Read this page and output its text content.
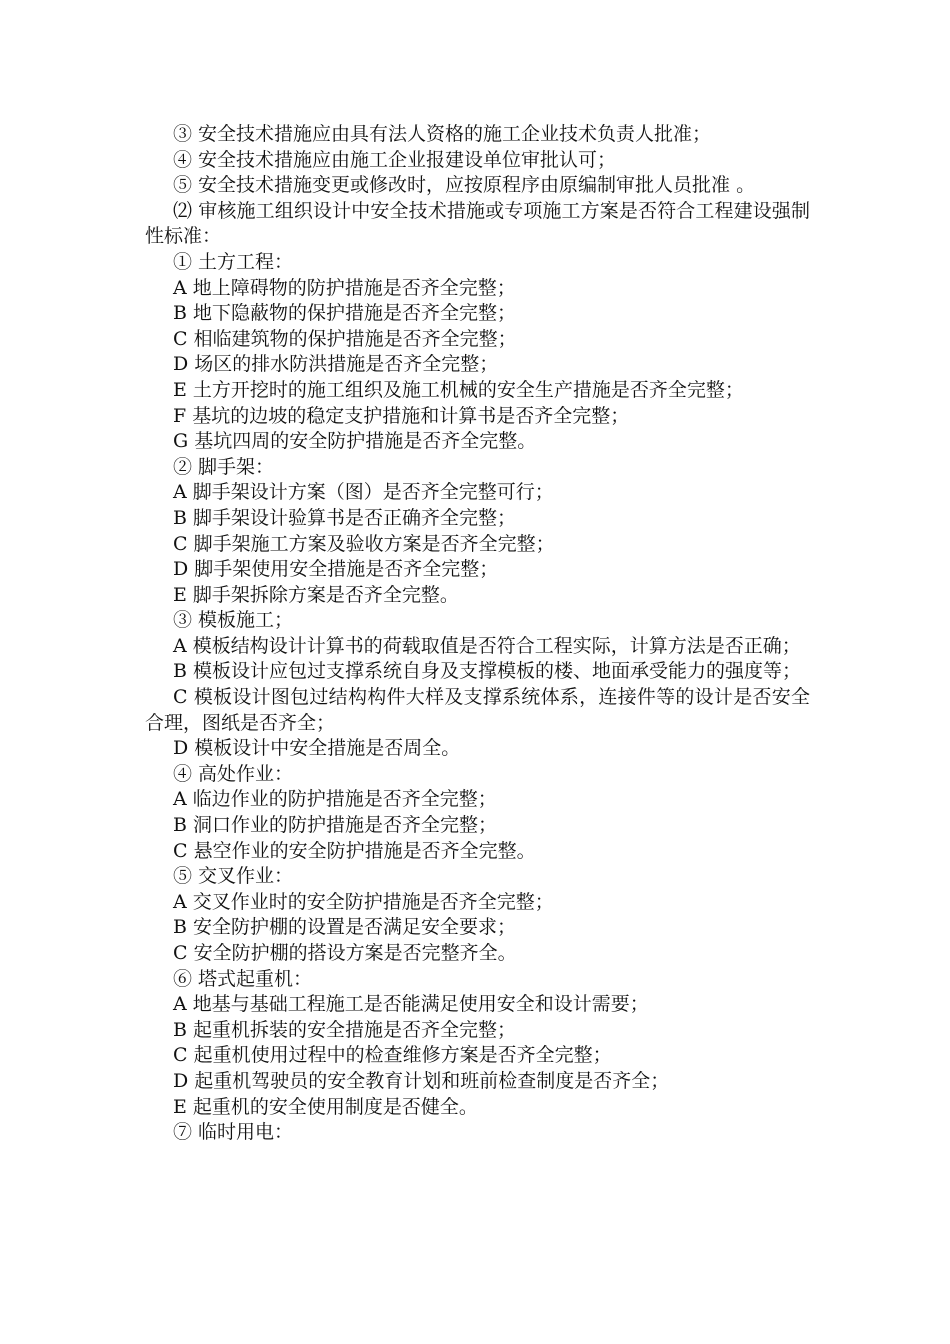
③ 安全技术措施应由具有法人资格的施工企业技术负责人批准；

④ 安全技术措施应由施工企业报建设单位审批认可；

⑤ 安全技术措施变更或修改时，应按原程序由原编制审批人员批准 。

⑵ 审核施工组织设计中安全技术措施或专项施工方案是否符合工程建设强制性标准：

① 土方工程：

A 地上障碍物的防护措施是否齐全完整；

B 地下隐蔽物的保护措施是否齐全完整；

C 相临建筑物的保护措施是否齐全完整；

D 场区的排水防洪措施是否齐全完整；

E 土方开挖时的施工组织及施工机械的安全生产措施是否齐全完整；

F 基坑的边坡的稳定支护措施和计算书是否齐全完整；

G 基坑四周的安全防护措施是否齐全完整。

② 脚手架：

A 脚手架设计方案（图）是否齐全完整可行；

B 脚手架设计验算书是否正确齐全完整；

C 脚手架施工方案及验收方案是否齐全完整；

D 脚手架使用安全措施是否齐全完整；

E 脚手架拆除方案是否齐全完整。

③ 模板施工；

A 模板结构设计计算书的荷载取值是否符合工程实际，计算方法是否正确；

B 模板设计应包过支撑系统自身及支撑模板的楼、地面承受能力的强度等；

C 模板设计图包过结构构件大样及支撑系统体系，连接件等的设计是否安全合理，图纸是否齐全；

D 模板设计中安全措施是否周全。

④ 高处作业：

A 临边作业的防护措施是否齐全完整；

B 洞口作业的防护措施是否齐全完整；

C 悬空作业的安全防护措施是否齐全完整。

⑤ 交叉作业：

A 交叉作业时的安全防护措施是否齐全完整；

B 安全防护棚的设置是否满足安全要求；

C 安全防护棚的搭设方案是否完整齐全。

⑥ 塔式起重机：

A 地基与基础工程施工是否能满足使用安全和设计需要；

B 起重机拆装的安全措施是否齐全完整；

C 起重机使用过程中的检查维修方案是否齐全完整；

D 起重机驾驶员的安全教育计划和班前检查制度是否齐全；

E 起重机的安全使用制度是否健全。

⑦ 临时用电：
